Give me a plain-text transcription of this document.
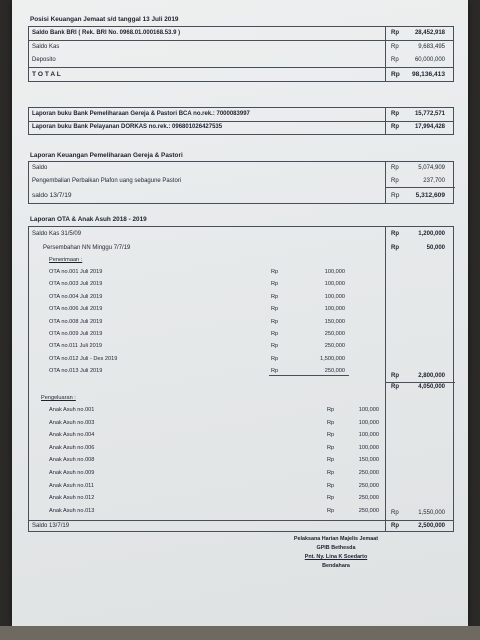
Posisi Keuangan Jemaat s/d tanggal 13 Juli 2019
Saldo Bank BRI ( Rek. BRI No. 0968.01.000168.53.9 )	Rp	28,452,918
Saldo Kas	Rp	9,683,495
Deposito	Rp	60,000,000
T O T A L	Rp 98,136,413
Laporan buku Bank Pemeliharaan Gereja & Pastori BCA no.rek.: 7000083997	Rp	15,772,571
Laporan buku Bank Pelayanan DORKAS no.rek.: 096801026427535	Rp	17,994,428
Laporan Keuangan Pemeliharaan Gereja & Pastori
Saldo	Rp	5,074,909
Pengembalian Perbaikan Plafon uang sebagune Pastori	Rp	237,700
saldo 13/7/19	Rp 5,312,609
Laporan OTA & Anak Asuh 2018 - 2019
Saldo Kas 31/5/09	Rp	1,200,000
Persembahan NN Minggu 7/7/19	Rp	50,000
Penerimaan :
OTA no.001 Juli 2019	Rp	100,000
OTA no.003 Juli 2019	Rp	100,000
OTA no.004 Juli 2019	Rp	100,000
OTA no.006 Juli 2019	Rp	100,000
OTA no.008 Juli 2019	Rp	150,000
OTA no.009 Juli 2019	Rp	250,000
OTA no.011 Juli 2019	Rp	250,000
OTA no.012 Juli - Des 2019	Rp	1,500,000
OTA no.013 Juli 2019	Rp	250,000
Rp	2,800,000
Rp	4,050,000
Pengeluaran :
Anak Asuh no.001	Rp	100,000
Anak Asuh no.003	Rp	100,000
Anak Asuh no.004	Rp	100,000
Anak Asuh no.006	Rp	100,000
Anak Asuh no.008	Rp	150,000
Anak Asuh no.009	Rp	250,000
Anak Asuh no.011	Rp	250,000
Anak Asuh no.012	Rp	250,000
Anak Asuh no.013	Rp	250,000 Rp	1,550,000
Saldo 13/7/19	Rp	2,500,000
Pelaksana Harian Majelis Jemaat
GPIB Bethesda
Pnt. Ny. Lina K Soedarto
Bendahara
